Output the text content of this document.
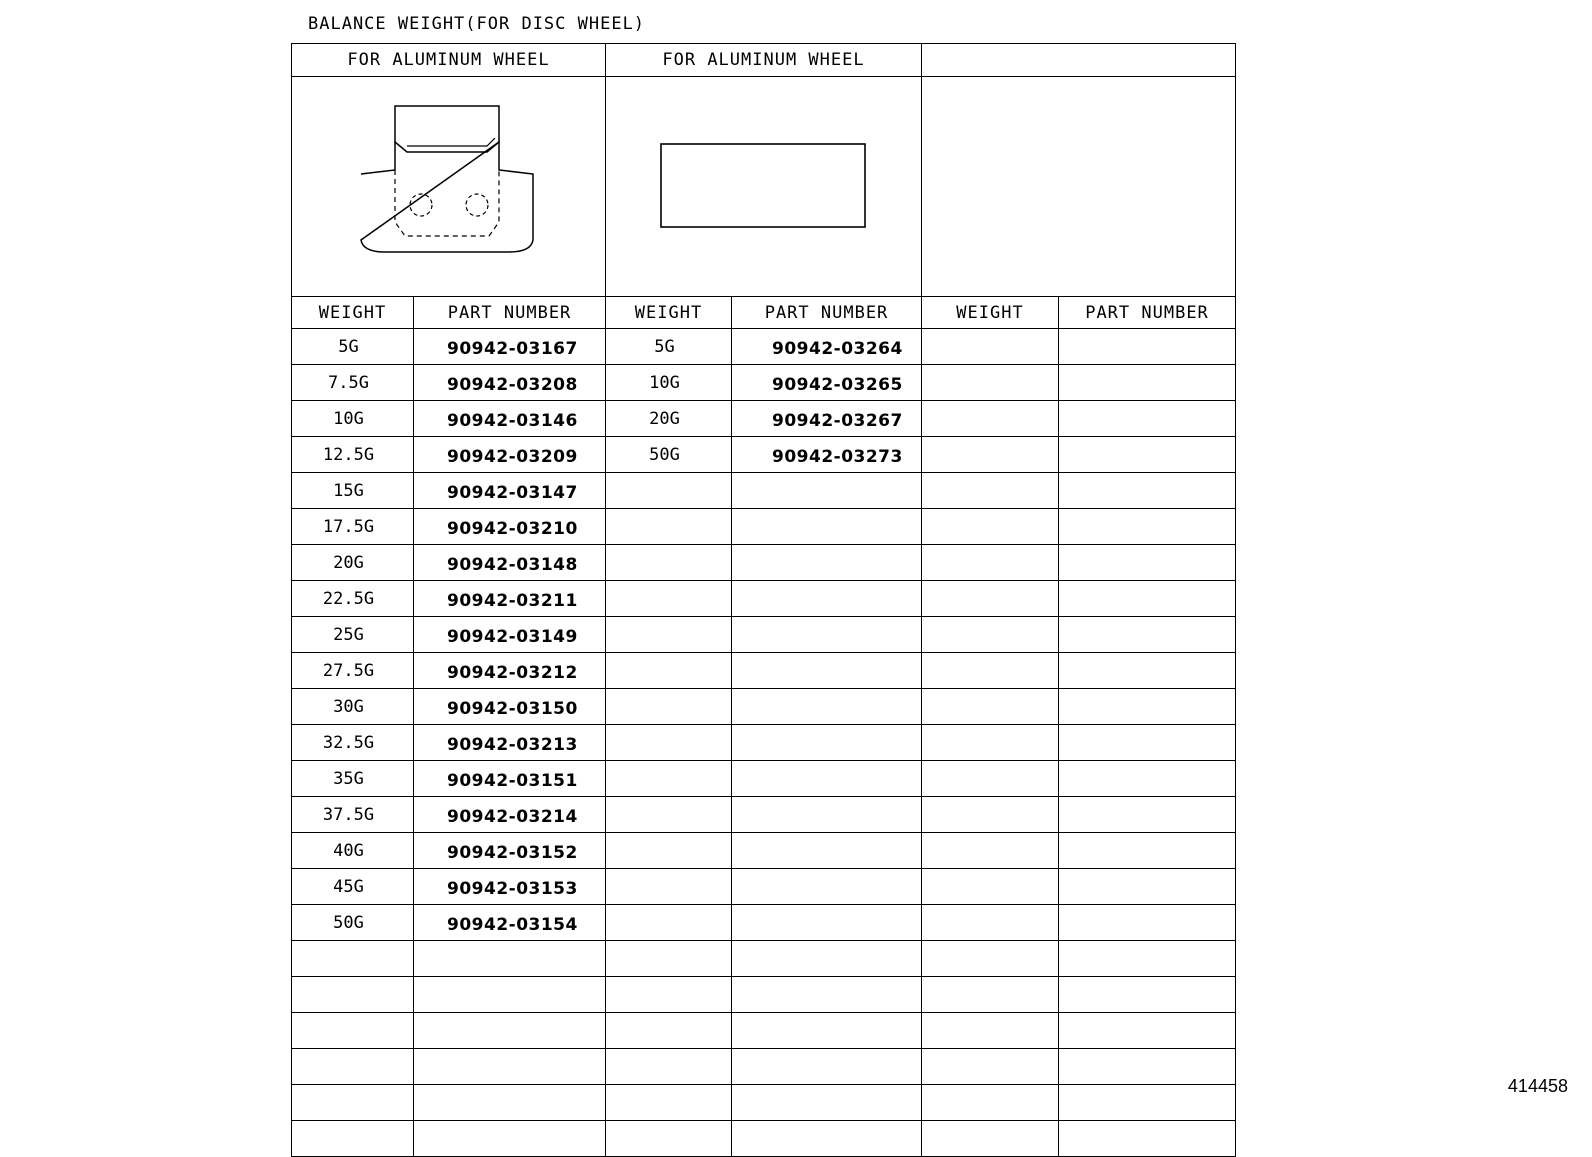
BALANCE WEIGHT(FOR DISC WHEEL)
FOR ALUMINUM WHEEL		FOR ALUMINUM WHEEL			

WEIGHT	PART NUMBER	WEIGHT	PART NUMBER	WEIGHT	PART NUMBER
5G	90942-03167	5G	90942-03264		
7.5G	90942-03208	10G	90942-03265		
10G	90942-03146	20G	90942-03267		
12.5G	90942-03209	50G	90942-03273		
15G	90942-03147				
17.5G	90942-03210				
20G	90942-03148				
22.5G	90942-03211				
25G	90942-03149				
27.5G	90942-03212				
30G	90942-03150				
32.5G	90942-03213				
35G	90942-03151				
37.5G	90942-03214				
40G	90942-03152				
45G	90942-03153				
50G	90942-03154				

414458
